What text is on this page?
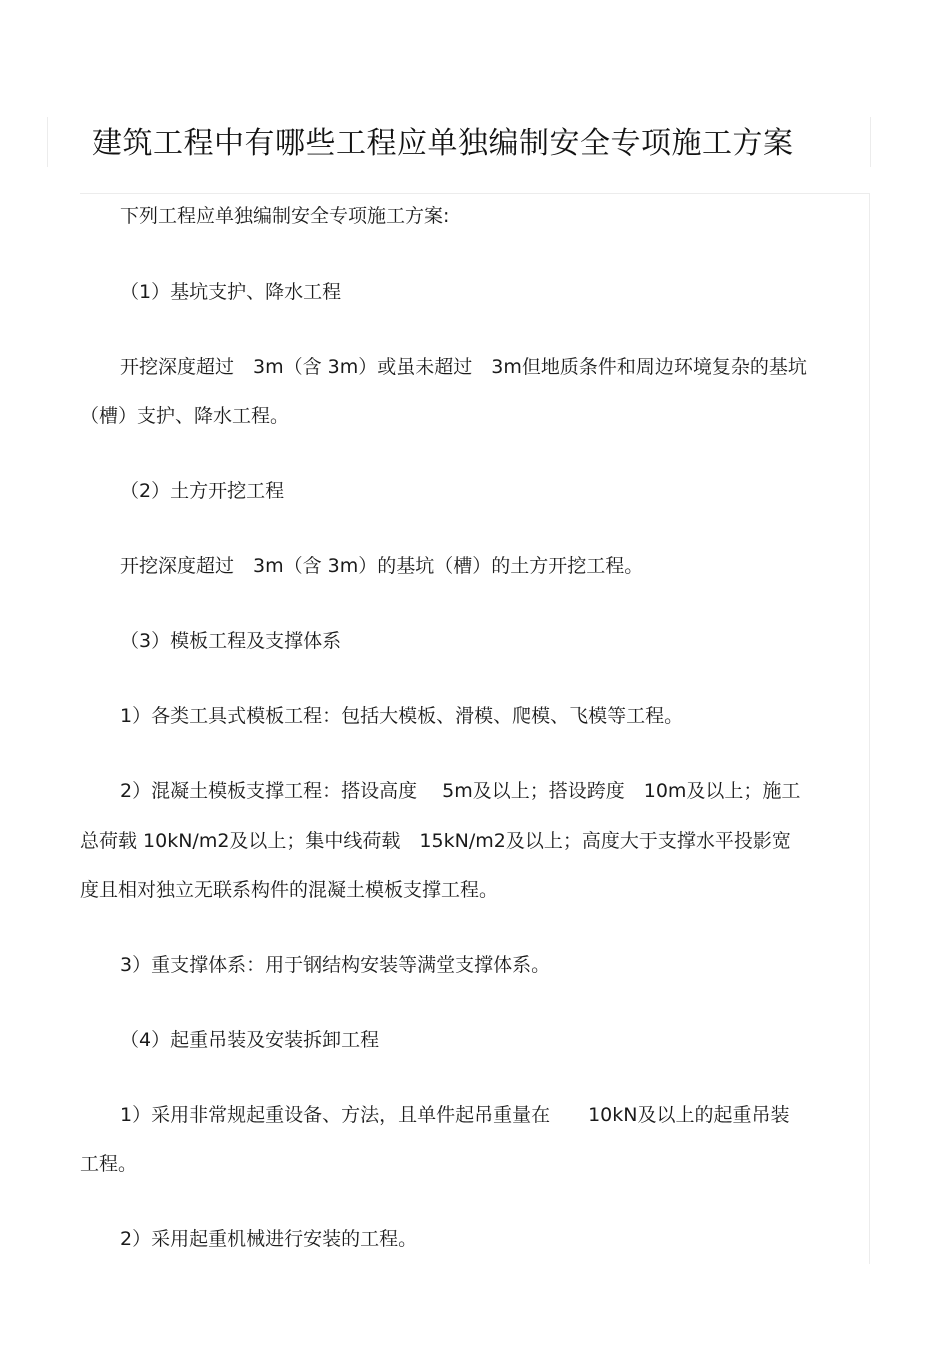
建筑工程中有哪些工程应单独编制安全专项施工方案

下列工程应单独编制安全专项施工方案:

（1）基坑支护、降水工程

开挖深度超过　3m（含 3m）或虽未超过　3m但地质条件和周边环境复杂的基坑

（槽）支护、降水工程。

（2）土方开挖工程

开挖深度超过　3m（含 3m）的基坑（槽）的土方开挖工程。

（3）模板工程及支撑体系

1）各类工具式模板工程：包括大模板、滑模、爬模、飞模等工程。

2）混凝土模板支撑工程：搭设高度　 5m及以上；搭设跨度　10m及以上；施工

总荷载 10kN/m2及以上；集中线荷载　15kN/m2及以上；高度大于支撑水平投影宽

度且相对独立无联系构件的混凝土模板支撑工程。

3）重支撑体系：用于钢结构安装等满堂支撑体系。

（4）起重吊装及安装拆卸工程

1）采用非常规起重设备、方法，且单件起吊重量在　　10kN及以上的起重吊装

工程。

2）采用起重机械进行安装的工程。
